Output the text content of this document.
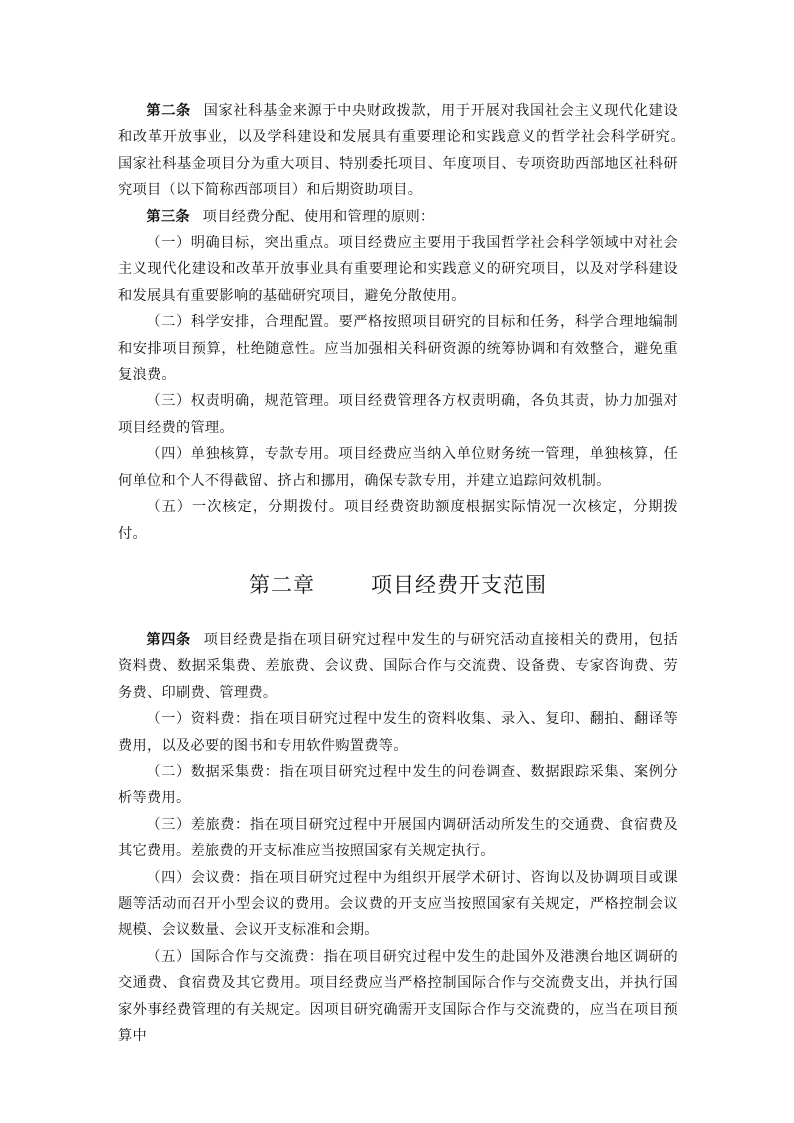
第二条 国家社科基金来源于中央财政拨款，用于开展对我国社会主义现代化建设和改革开放事业，以及学科建设和发展具有重要理论和实践意义的哲学社会科学研究。　国家社科基金项目分为重大项目、特别委托项目、年度项目、专项资助西部地区社科研究项目（以下简称西部项目）和后期资助项目。

第三条 项目经费分配、使用和管理的原则：

（一）明确目标，突出重点。项目经费应主要用于我国哲学社会科学领域中对社会主义现代化建设和改革开放事业具有重要理论和实践意义的研究项目，以及对学科建设和发展具有重要影响的基础研究项目，避免分散使用。

（二）科学安排，合理配置。要严格按照项目研究的目标和任务，科学合理地编制和安排项目预算，杜绝随意性。应当加强相关科研资源的统筹协调和有效整合，避免重复浪费。

（三）权责明确，规范管理。项目经费管理各方权责明确，各负其责，协力加强对项目经费的管理。

（四）单独核算，专款专用。项目经费应当纳入单位财务统一管理，单独核算，任何单位和个人不得截留、挤占和挪用，确保专款专用，并建立追踪问效机制。

（五）一次核定，分期拨付。项目经费资助额度根据实际情况一次核定，分期拨付。

第二章	项目经费开支范围

第四条 项目经费是指在项目研究过程中发生的与研究活动直接相关的费用，包括资料费、数据采集费、差旅费、会议费、国际合作与交流费、设备费、专家咨询费、劳务费、印刷费、管理费。

（一）资料费：指在项目研究过程中发生的资料收集、录入、复印、翻拍、翻译等费用，以及必要的图书和专用软件购置费等。

（二）数据采集费：指在项目研究过程中发生的问卷调查、数据跟踪采集、案例分析等费用。

（三）差旅费：指在项目研究过程中开展国内调研活动所发生的交通费、食宿费及其它费用。差旅费的开支标准应当按照国家有关规定执行。

（四）会议费：指在项目研究过程中为组织开展学术研讨、咨询以及协调项目或课题等活动而召开小型会议的费用。会议费的开支应当按照国家有关规定，严格控制会议规模、会议数量、会议开支标准和会期。

（五）国际合作与交流费：指在项目研究过程中发生的赴国外及港澳台地区调研的交通费、食宿费及其它费用。项目经费应当严格控制国际合作与交流费支出，并执行国家外事经费管理的有关规定。因项目研究确需开支国际合作与交流费的，应当在项目预算中
